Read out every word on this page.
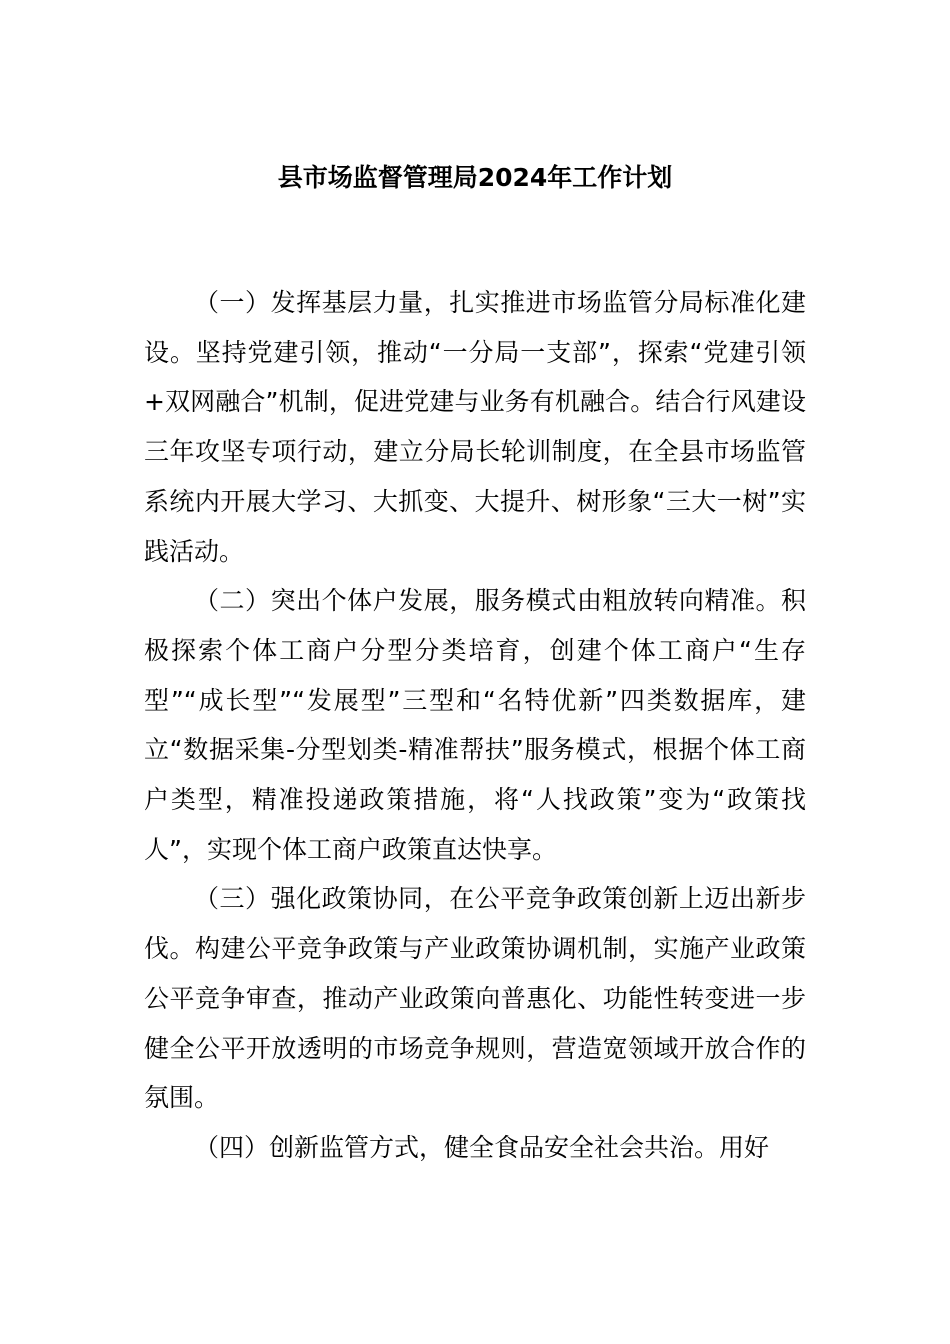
县市场监督管理局2024年工作计划

（一）发挥基层力量，扎实推进市场监管分局标准化建设。坚持党建引领，推动“一分局一支部”，探索“党建引领+双网融合”机制，促进党建与业务有机融合。结合行风建设三年攻坚专项行动，建立分局长轮训制度，在全县市场监管系统内开展大学习、大抓变、大提升、树形象“三大一树”实践活动。

（二）突出个体户发展，服务模式由粗放转向精准。积极探索个体工商户分型分类培育，创建个体工商户“生存型”“成长型”“发展型”三型和“名特优新”四类数据库，建立“数据采集-分型划类-精准帮扶”服务模式，根据个体工商户类型，精准投递政策措施，将“人找政策”变为“政策找人”，实现个体工商户政策直达快享。

（三）强化政策协同，在公平竞争政策创新上迈出新步伐。构建公平竞争政策与产业政策协调机制，实施产业政策公平竞争审查，推动产业政策向普惠化、功能性转变进一步健全公平开放透明的市场竞争规则，营造宽领域开放合作的氛围。

（四）创新监管方式，健全食品安全社会共治。用好
